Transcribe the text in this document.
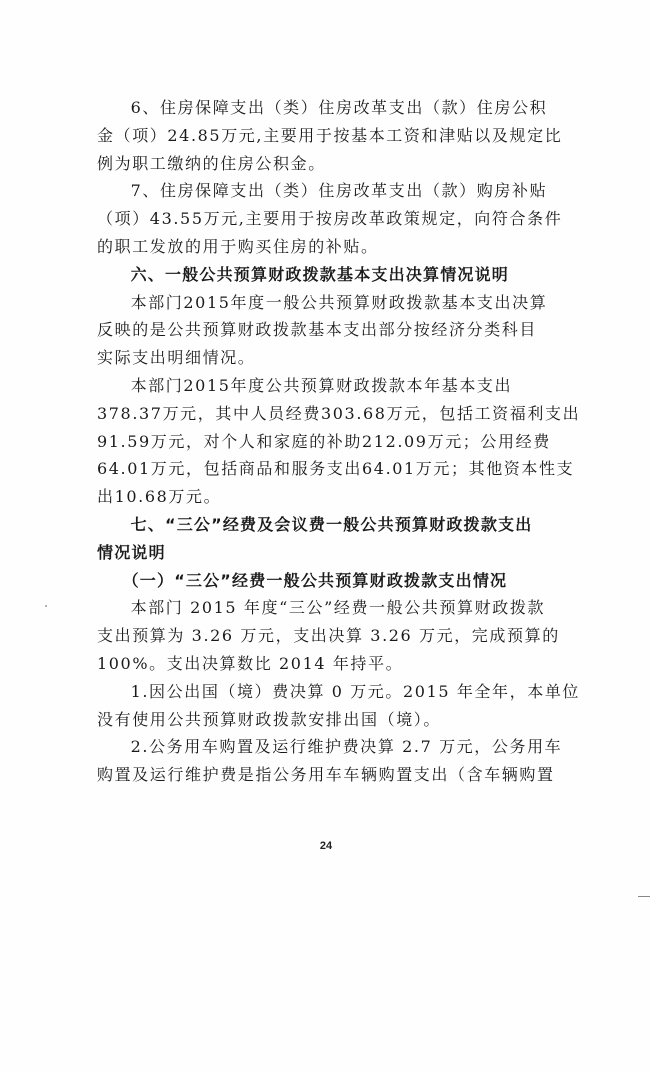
6、住房保障支出（类）住房改革支出（款）住房公积
金（项）24.85万元,主要用于按基本工资和津贴以及规定比
例为职工缴纳的住房公积金。
7、住房保障支出（类）住房改革支出（款）购房补贴
（项）43.55万元,主要用于按房改革政策规定，向符合条件
的职工发放的用于购买住房的补贴。
六、一般公共预算财政拨款基本支出决算情况说明
本部门2015年度一般公共预算财政拨款基本支出决算
反映的是公共预算财政拨款基本支出部分按经济分类科目
实际支出明细情况。
本部门2015年度公共预算财政拨款本年基本支出
378.37万元，其中人员经费303.68万元，包括工资福利支出
91.59万元，对个人和家庭的补助212.09万元；公用经费
64.01万元，包括商品和服务支出64.01万元；其他资本性支
出10.68万元。
七、“三公”经费及会议费一般公共预算财政拨款支出
情况说明
（一）“三公”经费一般公共预算财政拨款支出情况
本部门 2015 年度“三公”经费一般公共预算财政拨款
支出预算为 3.26 万元，支出决算 3.26 万元，完成预算的
100%。支出决算数比 2014 年持平。
1.因公出国（境）费决算 0 万元。2015 年全年，本单位
没有使用公共预算财政拨款安排出国（境）。
2.公务用车购置及运行维护费决算 2.7 万元，公务用车
购置及运行维护费是指公务用车车辆购置支出（含车辆购置
24
